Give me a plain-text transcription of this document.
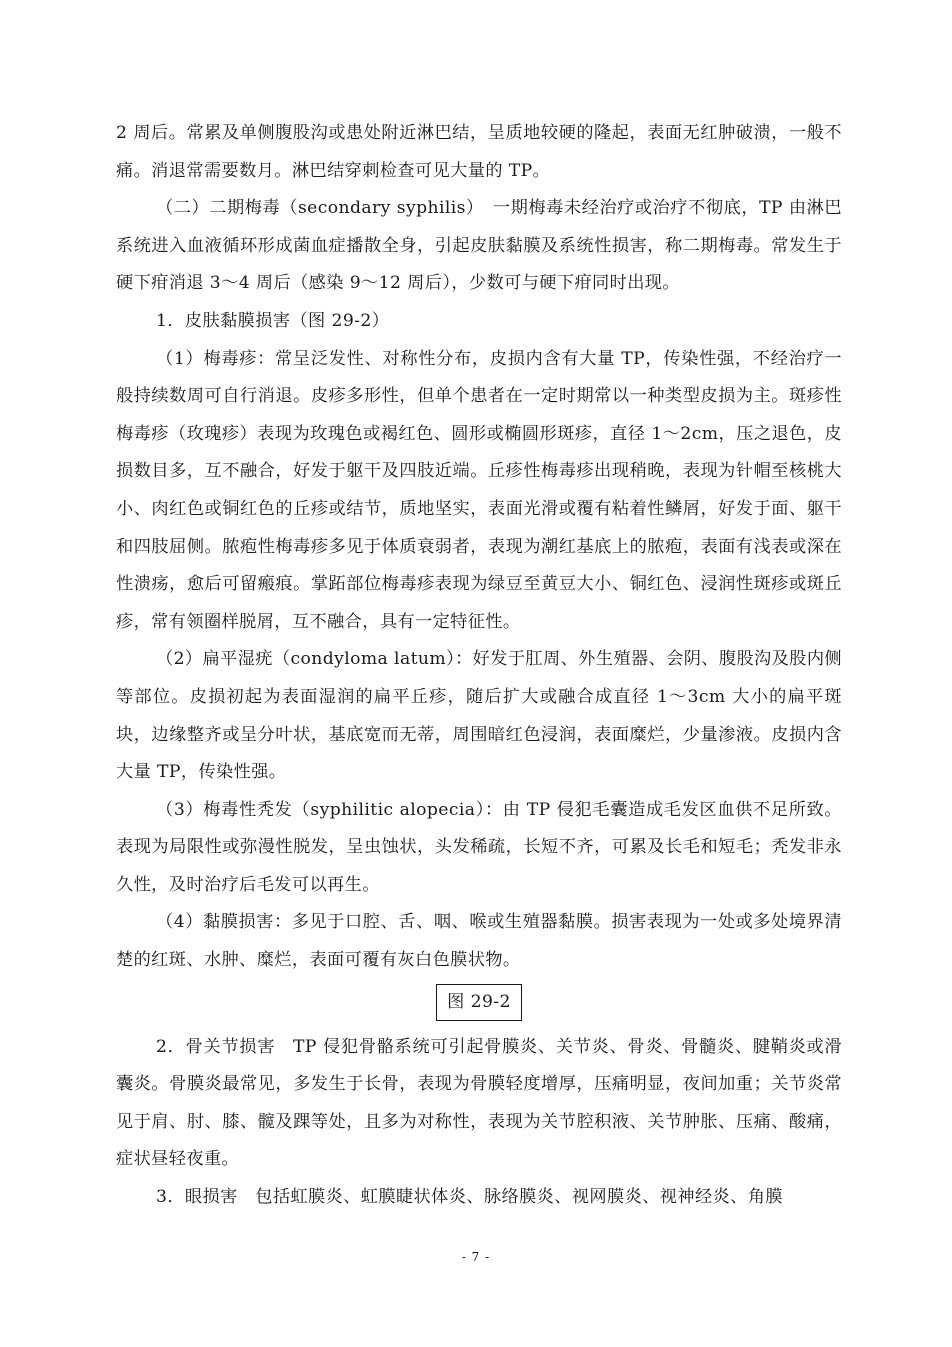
2 周后。常累及单侧腹股沟或患处附近淋巴结，呈质地较硬的隆起，表面无红肿破溃，一般不痛。消退常需要数月。淋巴结穿刺检查可见大量的 TP。

（二）二期梅毒（secondary syphilis）　一期梅毒未经治疗或治疗不彻底，TP 由淋巴系统进入血液循环形成菌血症播散全身，引起皮肤黏膜及系统性损害，称二期梅毒。常发生于硬下疳消退 3～4 周后（感染 9～12 周后），少数可与硬下疳同时出现。

1．皮肤黏膜损害（图 29-2）

（1）梅毒疹：常呈泛发性、对称性分布，皮损内含有大量 TP，传染性强，不经治疗一般持续数周可自行消退。皮疹多形性，但单个患者在一定时期常以一种类型皮损为主。斑疹性梅毒疹（玫瑰疹）表现为玫瑰色或褐红色、圆形或椭圆形斑疹，直径 1～2cm，压之退色，皮损数目多，互不融合，好发于躯干及四肢近端。丘疹性梅毒疹出现稍晚，表现为针帽至核桃大小、肉红色或铜红色的丘疹或结节，质地坚实，表面光滑或覆有粘着性鳞屑，好发于面、躯干和四肢屈侧。脓疱性梅毒疹多见于体质衰弱者，表现为潮红基底上的脓疱，表面有浅表或深在性溃疡，愈后可留瘢痕。掌跖部位梅毒疹表现为绿豆至黄豆大小、铜红色、浸润性斑疹或斑丘疹，常有领圈样脱屑，互不融合，具有一定特征性。

（2）扁平湿疣（condyloma latum）：好发于肛周、外生殖器、会阴、腹股沟及股内侧等部位。皮损初起为表面湿润的扁平丘疹，随后扩大或融合成直径 1～3cm 大小的扁平斑块，边缘整齐或呈分叶状，基底宽而无蒂，周围暗红色浸润，表面糜烂，少量渗液。皮损内含大量 TP，传染性强。

（3）梅毒性秃发（syphilitic alopecia）：由 TP 侵犯毛囊造成毛发区血供不足所致。表现为局限性或弥漫性脱发，呈虫蚀状，头发稀疏，长短不齐，可累及长毛和短毛；秃发非永久性，及时治疗后毛发可以再生。

（4）黏膜损害：多见于口腔、舌、咽、喉或生殖器黏膜。损害表现为一处或多处境界清楚的红斑、水肿、糜烂，表面可覆有灰白色膜状物。

图 29-2

2．骨关节损害　TP 侵犯骨骼系统可引起骨膜炎、关节炎、骨炎、骨髓炎、腱鞘炎或滑囊炎。骨膜炎最常见，多发生于长骨，表现为骨膜轻度增厚，压痛明显，夜间加重；关节炎常见于肩、肘、膝、髋及踝等处，且多为对称性，表现为关节腔积液、关节肿胀、压痛、酸痛，症状昼轻夜重。

3．眼损害　包括虹膜炎、虹膜睫状体炎、脉络膜炎、视网膜炎、视神经炎、角膜

- 7 -
